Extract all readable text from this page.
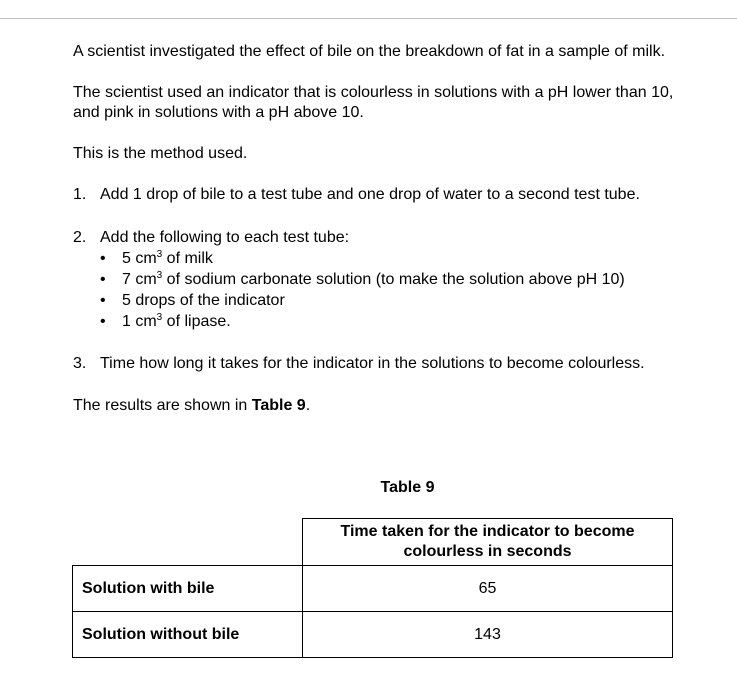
A scientist investigated the effect of bile on the breakdown of fat in a sample of milk.

The scientist used an indicator that is colourless in solutions with a pH lower than 10,

and pink in solutions with a pH above 10.

This is the method used.

1. Add 1 drop of bile to a test tube and one drop of water to a second test tube.

2. Add the following to each test tube:

• 5 $cm^3$ of milk
• 7 $cm^3$ of sodium carbonate solution (to make the solution above pH 10)
• 5 drops of the indicator
• 1 $cm^3$ of lipase.

3. Time how long it takes for the indicator in the solutions to become colourless.

The results are shown in Table 9.

Table 9
Time taken for the indicator to become
colourless in seconds
Solution with bile	65
Solution without bile	143
